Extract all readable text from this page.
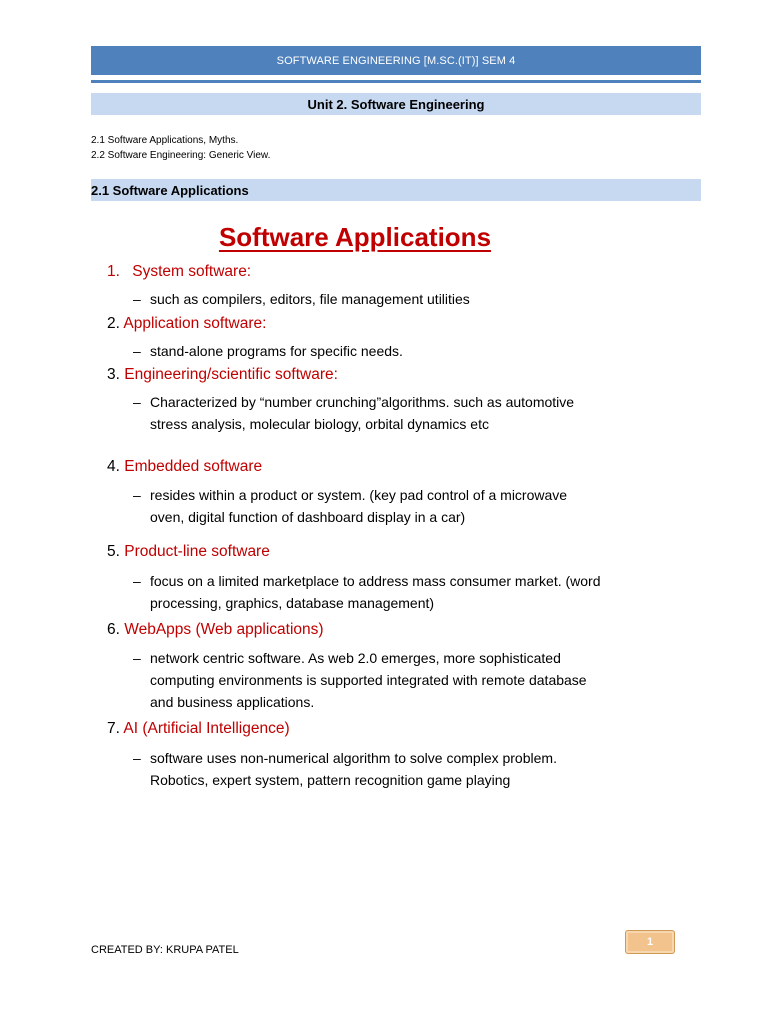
SOFTWARE ENGINEERING [M.SC.(IT)] SEM 4
Unit 2. Software Engineering
2.1 Software Applications, Myths.
2.2 Software Engineering: Generic View.
2.1 Software Applications
Software Applications
1. System software:
– such as compilers, editors, file management utilities
2. Application software:
– stand-alone programs for specific needs.
3. Engineering/scientific software:
– Characterized by “number crunching”algorithms. such as automotive stress analysis, molecular biology, orbital dynamics etc
4. Embedded software
– resides within a product or system. (key pad control of a microwave oven, digital function of dashboard display in a car)
5. Product-line software
– focus on a limited marketplace to address mass consumer market. (word processing, graphics, database management)
6. WebApps (Web applications)
– network centric software. As web 2.0 emerges, more sophisticated computing environments is supported integrated with remote database and business applications.
7. AI (Artificial Intelligence)
– software uses non-numerical algorithm to solve complex problem. Robotics, expert system, pattern recognition game playing
CREATED BY: KRUPA PATEL
1
